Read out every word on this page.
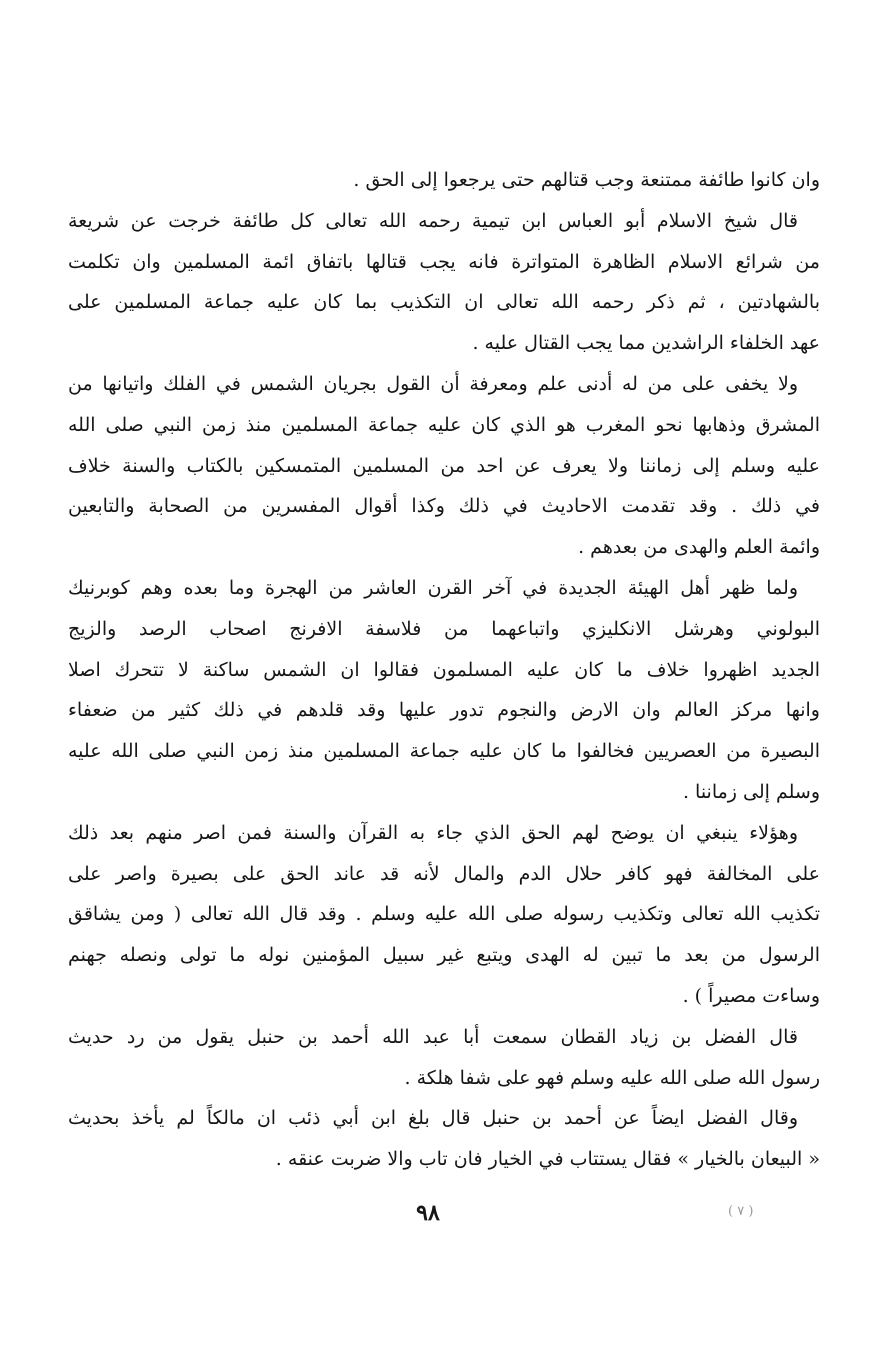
وان كانوا طائفة ممتنعة وجب قتالهم حتى يرجعوا إلى الحق .
قال شيخ الاسلام أبو العباس ابن تيمية رحمه الله تعالى كل طائفة خرجت عن شريعة
من شرائع الاسلام الظاهرة المتواترة فانه يجب قتالها باتفاق ائمة المسلمين وان تكلمت
بالشهادتين ، ثم ذكر رحمه الله تعالى ان التكذيب بما كان عليه جماعة المسلمين على
عهد الخلفاء الراشدين مما يجب القتال عليه .
ولا يخفى على من له أدنى علم ومعرفة أن القول بجريان الشمس في الفلك واتيانها من
المشرق وذهابها نحو المغرب هو الذي كان عليه جماعة المسلمين منذ زمن النبي صلى الله
عليه وسلم إلى زماننا ولا يعرف عن احد من المسلمين المتمسكين بالكتاب والسنة خلاف
في ذلك . وقد تقدمت الاحاديث في ذلك وكذا أقوال المفسرين من الصحابة والتابعين
وائمة العلم والهدى من بعدهم .
ولما ظهر أهل الهيئة الجديدة في آخر القرن العاشر من الهجرة وما بعده وهم كوبرنيك
البولوني وهرشل الانكليزي واتباعهما من فلاسفة الافرنج اصحاب الرصد والزيج
الجديد اظهروا خلاف ما كان عليه المسلمون فقالوا ان الشمس ساكنة لا تتحرك اصلا
وانها مركز العالم وان الارض والنجوم تدور عليها وقد قلدهم في ذلك كثير من ضعفاء
البصيرة من العصريين فخالفوا ما كان عليه جماعة المسلمين منذ زمن النبي صلى الله عليه
وسلم إلى زماننا .
وهؤلاء ينبغي ان يوضح لهم الحق الذي جاء به القرآن والسنة فمن اصر منهم بعد ذلك
على المخالفة فهو كافر حلال الدم والمال لأنه قد عاند الحق على بصيرة واصر على
تكذيب الله تعالى وتكذيب رسوله صلى الله عليه وسلم . وقد قال الله تعالى ( ومن يشاقق
الرسول من بعد ما تبين له الهدى ويتبع غير سبيل المؤمنين نوله ما تولى ونصله جهنم
وساءت مصيراً ) .
قال الفضل بن زياد القطان سمعت أبا عبد الله أحمد بن حنبل يقول من رد حديث
رسول الله صلى الله عليه وسلم فهو على شفا هلكة .
وقال الفضل ايضاً عن أحمد بن حنبل قال بلغ ابن أبي ذئب ان مالكاً لم يأخذ بحديث
« البيعان بالخيار » فقال يستتاب في الخيار فان تاب والا ضربت عنقه .
٩٨	( ٧ )
